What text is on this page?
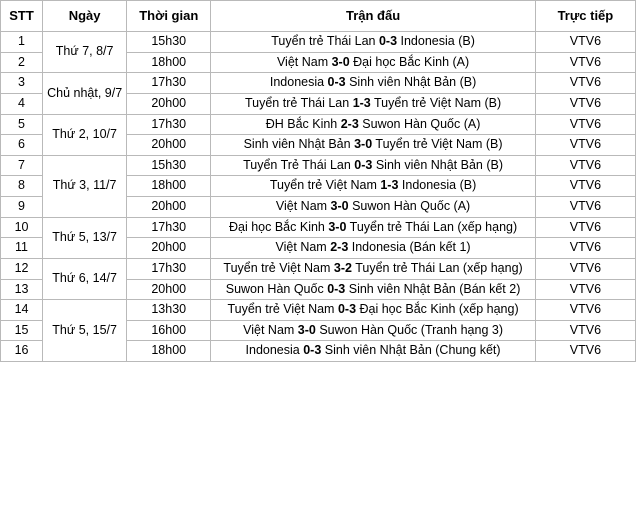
STT	Ngày	Thời gian	Trận đấu	Trực tiếp
1	Thứ 7, 8/7	15h30	Tuyển trẻ Thái Lan 0-3 Indonesia (B)	VTV6
2		18h00	Việt Nam 3-0 Đại học Bắc Kinh (A)	VTV6
3	Chủ nhật, 9/7	17h30	Indonesia 0-3 Sinh viên Nhật Bản (B)	VTV6
4		20h00	Tuyển trẻ Thái Lan 1-3 Tuyển trẻ Việt Nam (B)	VTV6
5	Thứ 2, 10/7	17h30	ĐH Bắc Kinh 2-3 Suwon Hàn Quốc (A)	VTV6
6		20h00	Sinh viên Nhật Bản 3-0 Tuyển trẻ Việt Nam (B)	VTV6
7	Thứ 3, 11/7	15h30	Tuyển Trẻ Thái Lan 0-3 Sinh viên Nhật Bản (B)	VTV6
8		18h00	Tuyển trẻ Việt Nam 1-3 Indonesia (B)	VTV6
9		20h00	Việt Nam 3-0 Suwon Hàn Quốc (A)	VTV6
10	Thứ 5, 13/7	17h30	Đại học Bắc Kinh 3-0 Tuyển trẻ Thái Lan (xếp hạng)	VTV6
11		20h00	Việt Nam 2-3 Indonesia (Bán kết 1)	VTV6
12	Thứ 6, 14/7	17h30	Tuyển trẻ Việt Nam 3-2 Tuyển trẻ Thái Lan (xếp hạng)	VTV6
13		20h00	Suwon Hàn Quốc 0-3 Sinh viên Nhật Bản (Bán kết 2)	VTV6
14	Thứ 5, 15/7	13h30	Tuyển trẻ Việt Nam 0-3 Đại học Bắc Kinh (xếp hạng)	VTV6
15		16h00	Việt Nam 3-0 Suwon Hàn Quốc (Tranh hạng 3)	VTV6
16		18h00	Indonesia 0-3 Sinh viên Nhật Bản (Chung kết)	VTV6
